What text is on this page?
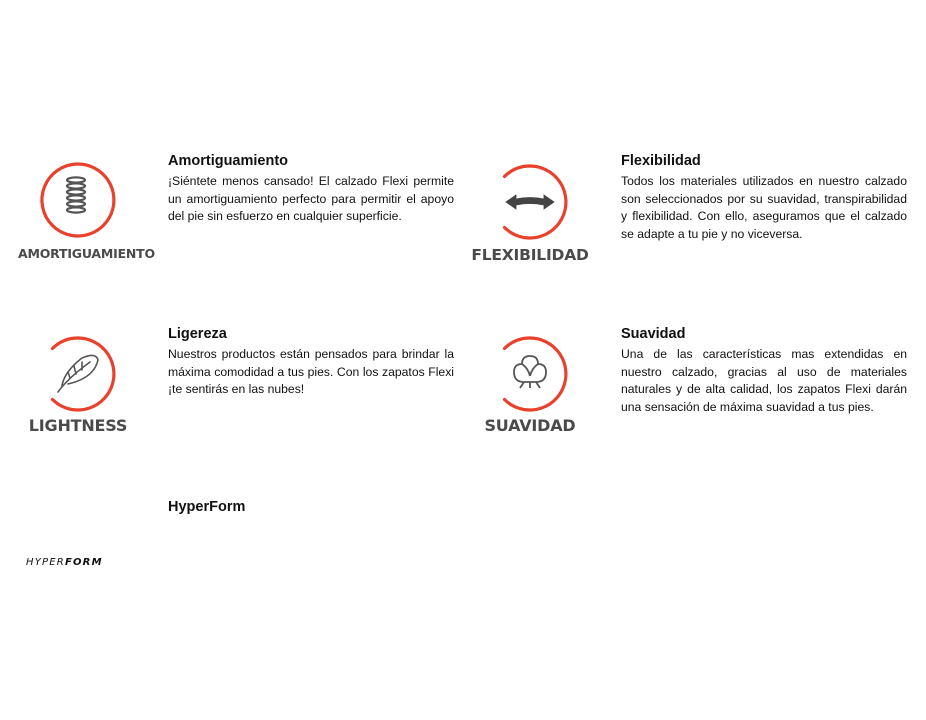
AMORTIGUAMIENTO
Amortiguamiento

¡Siéntete menos cansado! El calzado Flexi permite un amortiguamiento perfecto para permitir el apoyo del pie sin esfuerzo en cualquier superficie.

FLEXIBILIDAD
Flexibilidad

Todos los materiales utilizados en nuestro calzado son seleccionados por su suavidad, transpirabilidad y flexibilidad. Con ello, aseguramos que el calzado se adapte a tu pie y no viceversa.

LIGHTNESS
Ligereza

Nuestros productos están pensados para brindar la máxima comodidad a tus pies. Con los zapatos Flexi ¡te sentirás en las nubes!

SUAVIDAD
Suavidad

Una de las características mas extendidas en nuestro calzado, gracias al uso de materiales naturales y de alta calidad, los zapatos Flexi darán una sensación de máxima suavidad a tus pies.

HYPERFORM
HyperForm
